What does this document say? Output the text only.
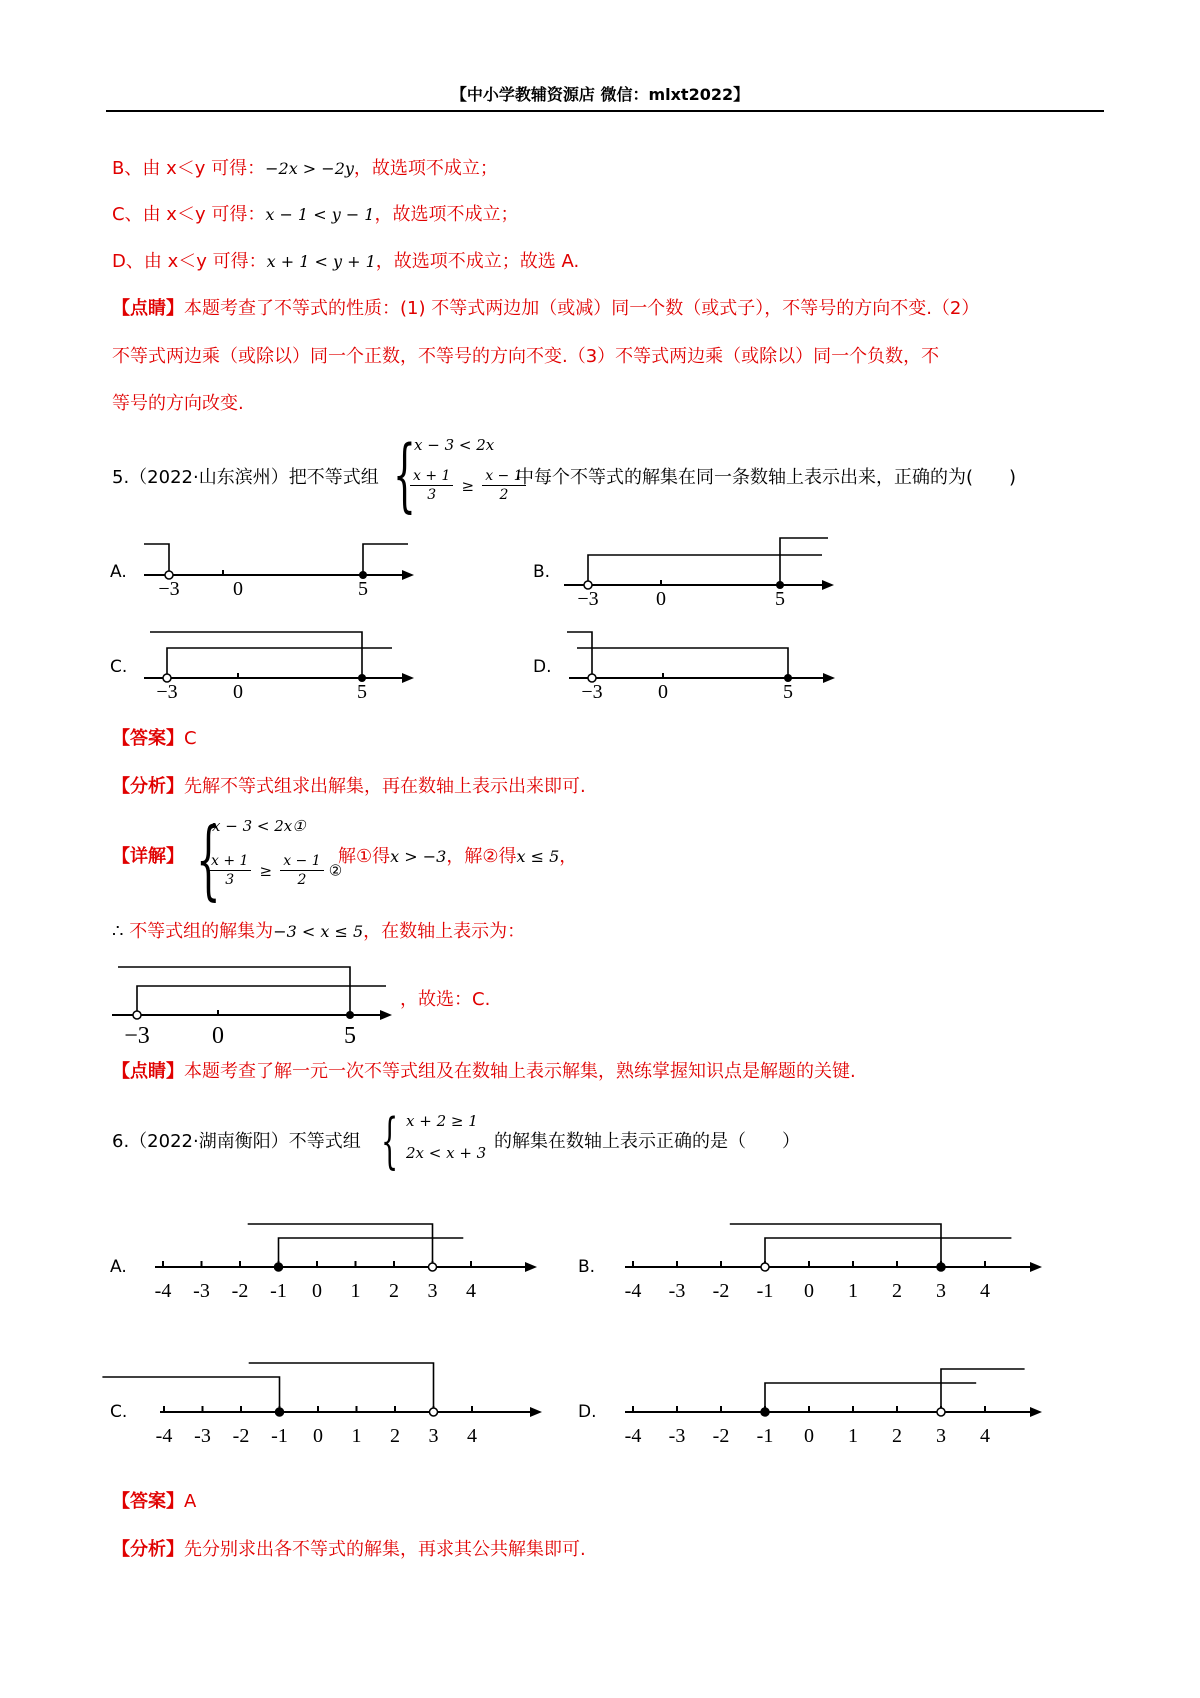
【中小学教辅资源店 微信：mlxt2022】
B、由 x＜y 可得：−2x > −2y，故选项不成立；
C、由 x＜y 可得：x − 1 < y − 1，故选项不成立；
D、由 x＜y 可得：x + 1 < y + 1，故选项不成立；故选 A.
【点睛】本题考查了不等式的性质：(1) 不等式两边加（或减）同一个数（或式子），不等号的方向不变.（2）
不等式两边乘（或除以）同一个正数，不等号的方向不变.（3）不等式两边乘（或除以）同一个负数，不
等号的方向改变.
5.（2022·山东滨州）把不等式组 {
x − 3 < 2x
$\frac{x + 1}{3} \ge \frac{x - 1}{2}$
中每个不等式的解集在同一条数轴上表示出来，正确的为(　　)
A.
−3	0	5
B.
−3	0	5
C.
−3	0	5
D.
−3	0	5
【答案】C
【分析】先解不等式组求出解集，再在数轴上表示出来即可.
【详解】 {
x − 3 < 2x①
$\frac{x + 1}{3} \ge \frac{x - 1}{2}$ ②
解①得x > −3，解②得x ≤ 5，
∴ 不等式组的解集为−3 < x ≤ 5，在数轴上表示为：
−3	0	5
，故选：C.
【点睛】本题考查了解一元一次不等式组及在数轴上表示解集，熟练掌握知识点是解题的关键.
6.（2022·湖南衡阳）不等式组 { x + 2 ≥ 1
2x < x + 3
的解集在数轴上表示正确的是（　　）
A.
-4 -3 -2 -1 0 1 2 3 4
B.
-4 -3 -2 -1 0 1 2 3 4
C.
-4 -3 -2 -1 0 1 2 3 4
D.
-4 -3 -2 -1 0 1 2 3 4
【答案】A
【分析】先分别求出各不等式的解集，再求其公共解集即可.
